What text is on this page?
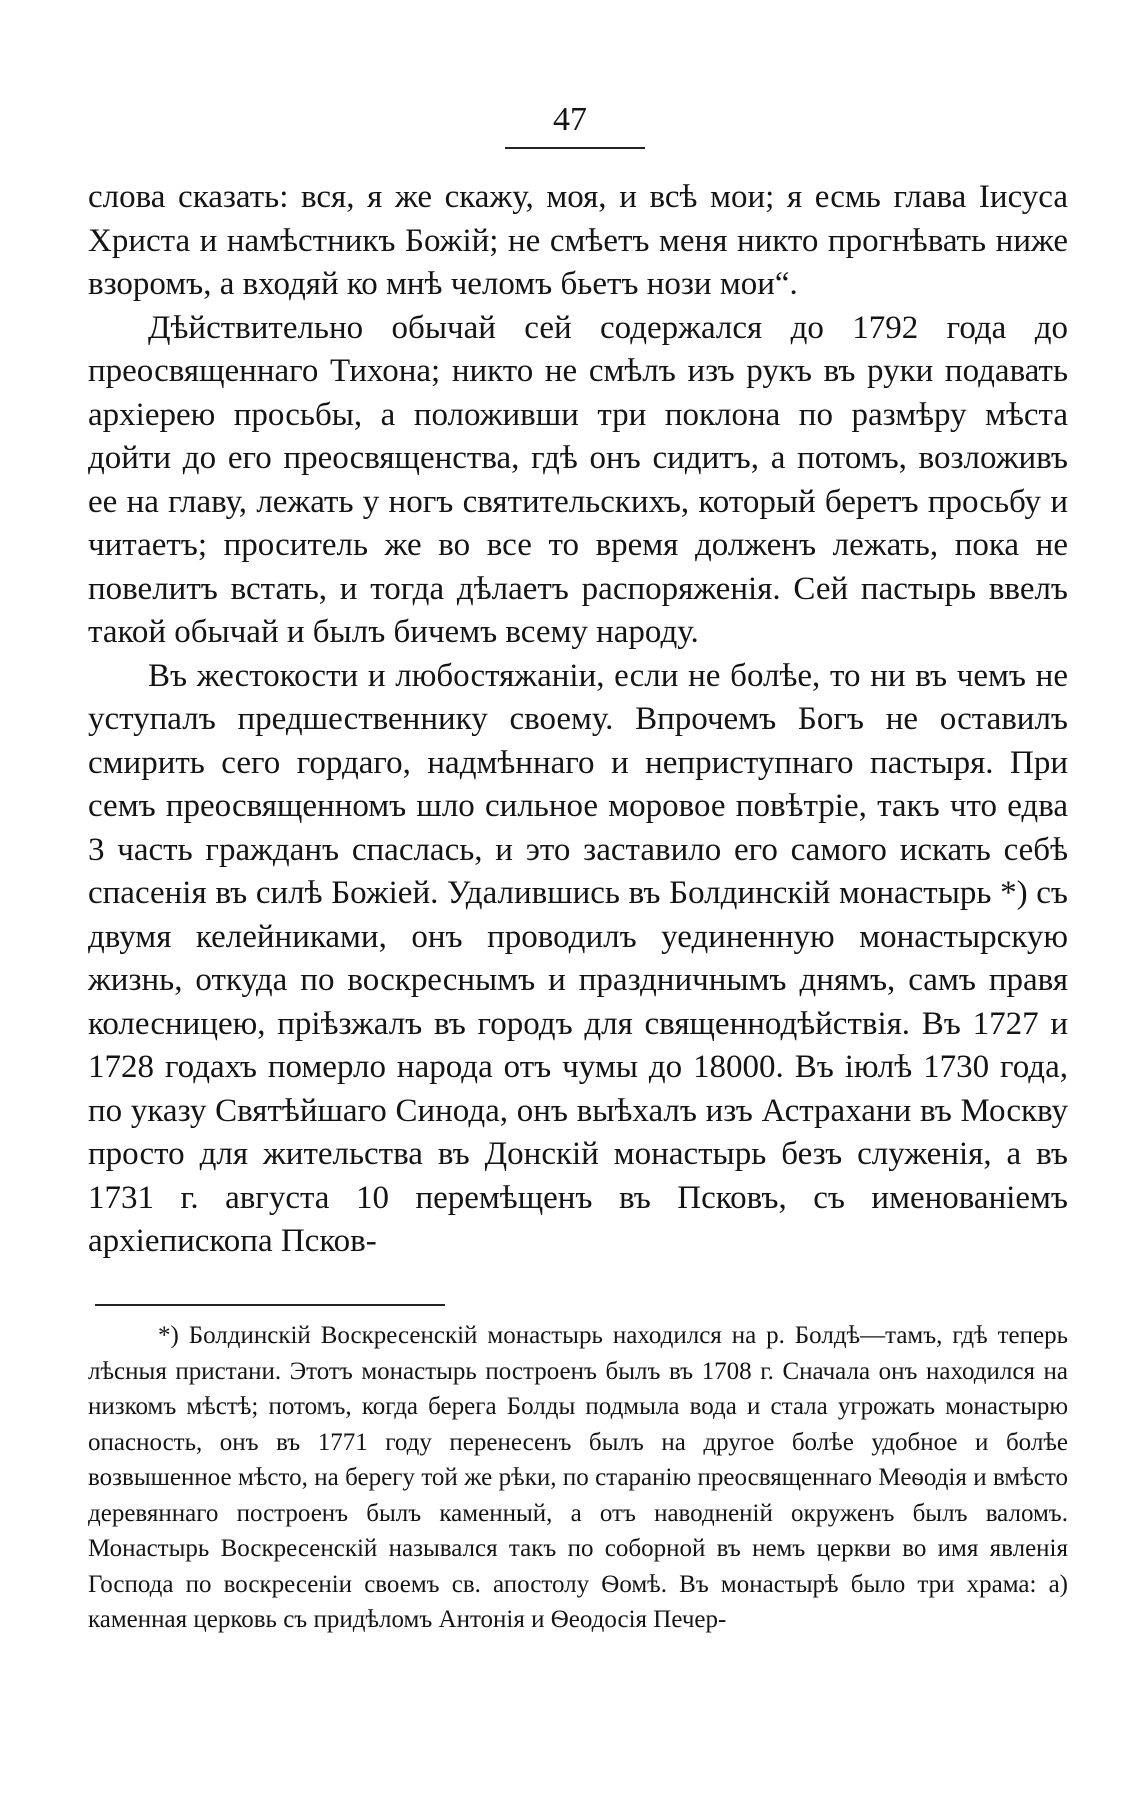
47

слова сказать: вся, я же скажу, моя, и всѣ мои; я есмь глава Іисуса Христа и намѣстникъ Божій; не смѣетъ меня никто прогнѣвать ниже взоромъ, а входяй ко мнѣ челомъ бьетъ нози мои“.

Дѣйствительно обычай сей содержался до 1792 года до преосвященнаго Тихона; никто не смѣлъ изъ рукъ въ руки подавать архіерею просьбы, а положивши три поклона по размѣру мѣста дойти до его преосвященства, гдѣ онъ сидитъ, а потомъ, возложивъ ее на главу, лежать у ногъ святительскихъ, который беретъ просьбу и читаетъ; проситель же во все то время долженъ лежать, пока не повелитъ встать, и тогда дѣлаетъ распоряженія. Сей пастырь ввелъ такой обычай и былъ бичемъ всему народу.

Въ жестокости и любостяжаніи, если не болѣе, то ни въ чемъ не уступалъ предшественнику своему. Впрочемъ Богъ не оставилъ смирить сего гордаго, надмѣннаго и неприступнаго пастыря. При семъ преосвященномъ шло сильное моровое повѣтріе, такъ что едва 3 часть гражданъ спаслась, и это заставило его самого искать себѣ спасенія въ силѣ Божіей. Удалившись въ Болдинскій монастырь *) съ двумя келейниками, онъ проводилъ уединенную монастырскую жизнь, откуда по воскреснымъ и праздничнымъ днямъ, самъ правя колесницею, пріѣзжалъ въ городъ для священнодѣйствія. Въ 1727 и 1728 годахъ померло народа отъ чумы до 18000. Въ іюлѣ 1730 года, по указу Святѣйшаго Синода, онъ выѣхалъ изъ Астрахани въ Москву просто для жительства въ Донскій монастырь безъ служенія, а въ 1731 г. августа 10 перемѣщенъ въ Псковъ, съ именованіемъ архіепископа Псков-

*) Болдинскій Воскресенскій монастырь находился на р. Болдѣ—тамъ, гдѣ теперь лѣсныя пристани. Этотъ монастырь построенъ былъ въ 1708 г. Сначала онъ находился на низкомъ мѣстѣ; потомъ, когда берега Болды подмыла вода и стала угрожать монастырю опасность, онъ въ 1771 году перенесенъ былъ на другое болѣе удобное и болѣе возвышенное мѣсто, на берегу той же рѣки, по старанію преосвященнаго Меѳодія и вмѣсто деревяннаго построенъ былъ каменный, а отъ наводненій окруженъ былъ валомъ. Монастырь Воскресенскій назывался такъ по соборной въ немъ церкви во имя явленія Господа по воскресеніи своемъ св. апостолу Ѳомѣ. Въ монастырѣ было три храма: а) каменная церковь съ придѣломъ Антонія и Ѳеодосія Печер-
